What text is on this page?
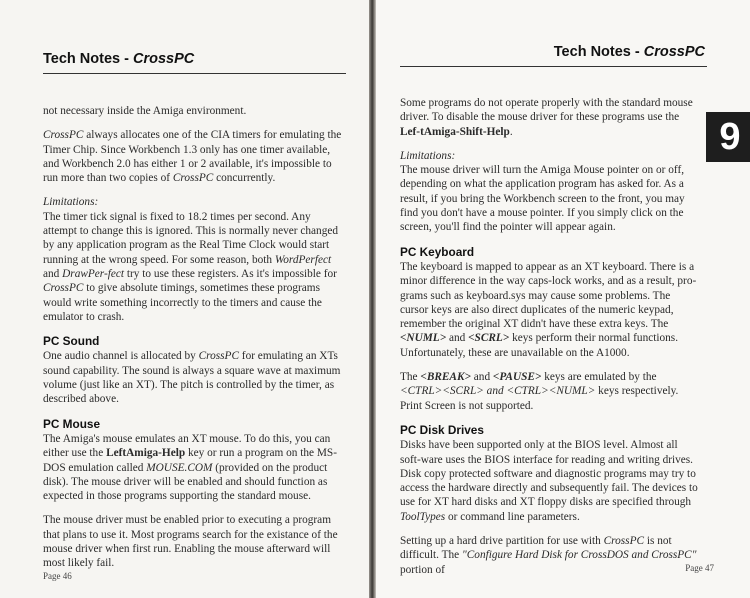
Tech Notes - CrossPC

not necessary inside the Amiga environment.

CrossPC always allocates one of the CIA timers for emulating the Timer Chip. Since Workbench 1.3 only has one timer available, and Workbench 2.0 has either 1 or 2 available, it's impossible to run more than two copies of CrossPC concurrently.

Limitations:
The timer tick signal is fixed to 18.2 times per second. Any attempt to change this is ignored. This is normally never changed by any application program as the Real Time Clock would start running at the wrong speed. For some reason, both WordPerfect and DrawPer-fect try to use these registers. As it's impossible for CrossPC to give absolute timings, sometimes these programs would write something incorrectly to the timers and cause the emulator to crash.

PC Sound

One audio channel is allocated by CrossPC for emulating an XTs sound capability. The sound is always a square wave at maximum volume (just like an XT). The pitch is controlled by the timer, as described above.

PC Mouse

The Amiga's mouse emulates an XT mouse. To do this, you can either use the LeftAmiga-Help key or run a program on the MS-DOS emulation called MOUSE.COM (provided on the product disk). The mouse driver will be enabled and should function as expected in those programs supporting the standard mouse.

The mouse driver must be enabled prior to executing a program that plans to use it. Most programs search for the existance of the mouse driver when first run. Enabling the mouse afterward will most likely fail.

Page 46
Tech Notes - CrossPC
9

Some programs do not operate properly with the standard mouse driver. To disable the mouse driver for these programs use the Lef-tAmiga-Shift-Help.

Limitations:
The mouse driver will turn the Amiga Mouse pointer on or off, depending on what the application program has asked for. As a result, if you bring the Workbench screen to the front, you may find you don't have a mouse pointer. If you simply click on the screen, you'll find the pointer will appear again.

PC Keyboard

The keyboard is mapped to appear as an XT keyboard. There is a minor difference in the way caps-lock works, and as a result, pro-grams such as keyboard.sys may cause some problems. The cursor keys are also direct duplicates of the numeric keypad, remember the original XT didn't have these extra keys. The <NUML> and <SCRL> keys perform their normal functions. Unfortunately, these are unavailable on the A1000.

The <BREAK> and <PAUSE> keys are emulated by the <CTRL><SCRL> and <CTRL><NUML> keys respectively. Print Screen is not supported.

PC Disk Drives

Disks have been supported only at the BIOS level. Almost all soft-ware uses the BIOS interface for reading and writing drives. Disk copy protected software and diagnostic programs may try to access the hardware directly and subsequently fail. The devices to use for XT hard disks and XT floppy disks are specified through ToolTypes or command line parameters.

Setting up a hard drive partition for use with CrossPC is not difficult. The "Configure Hard Disk for CrossDOS and CrossPC" portion of	Page 47
